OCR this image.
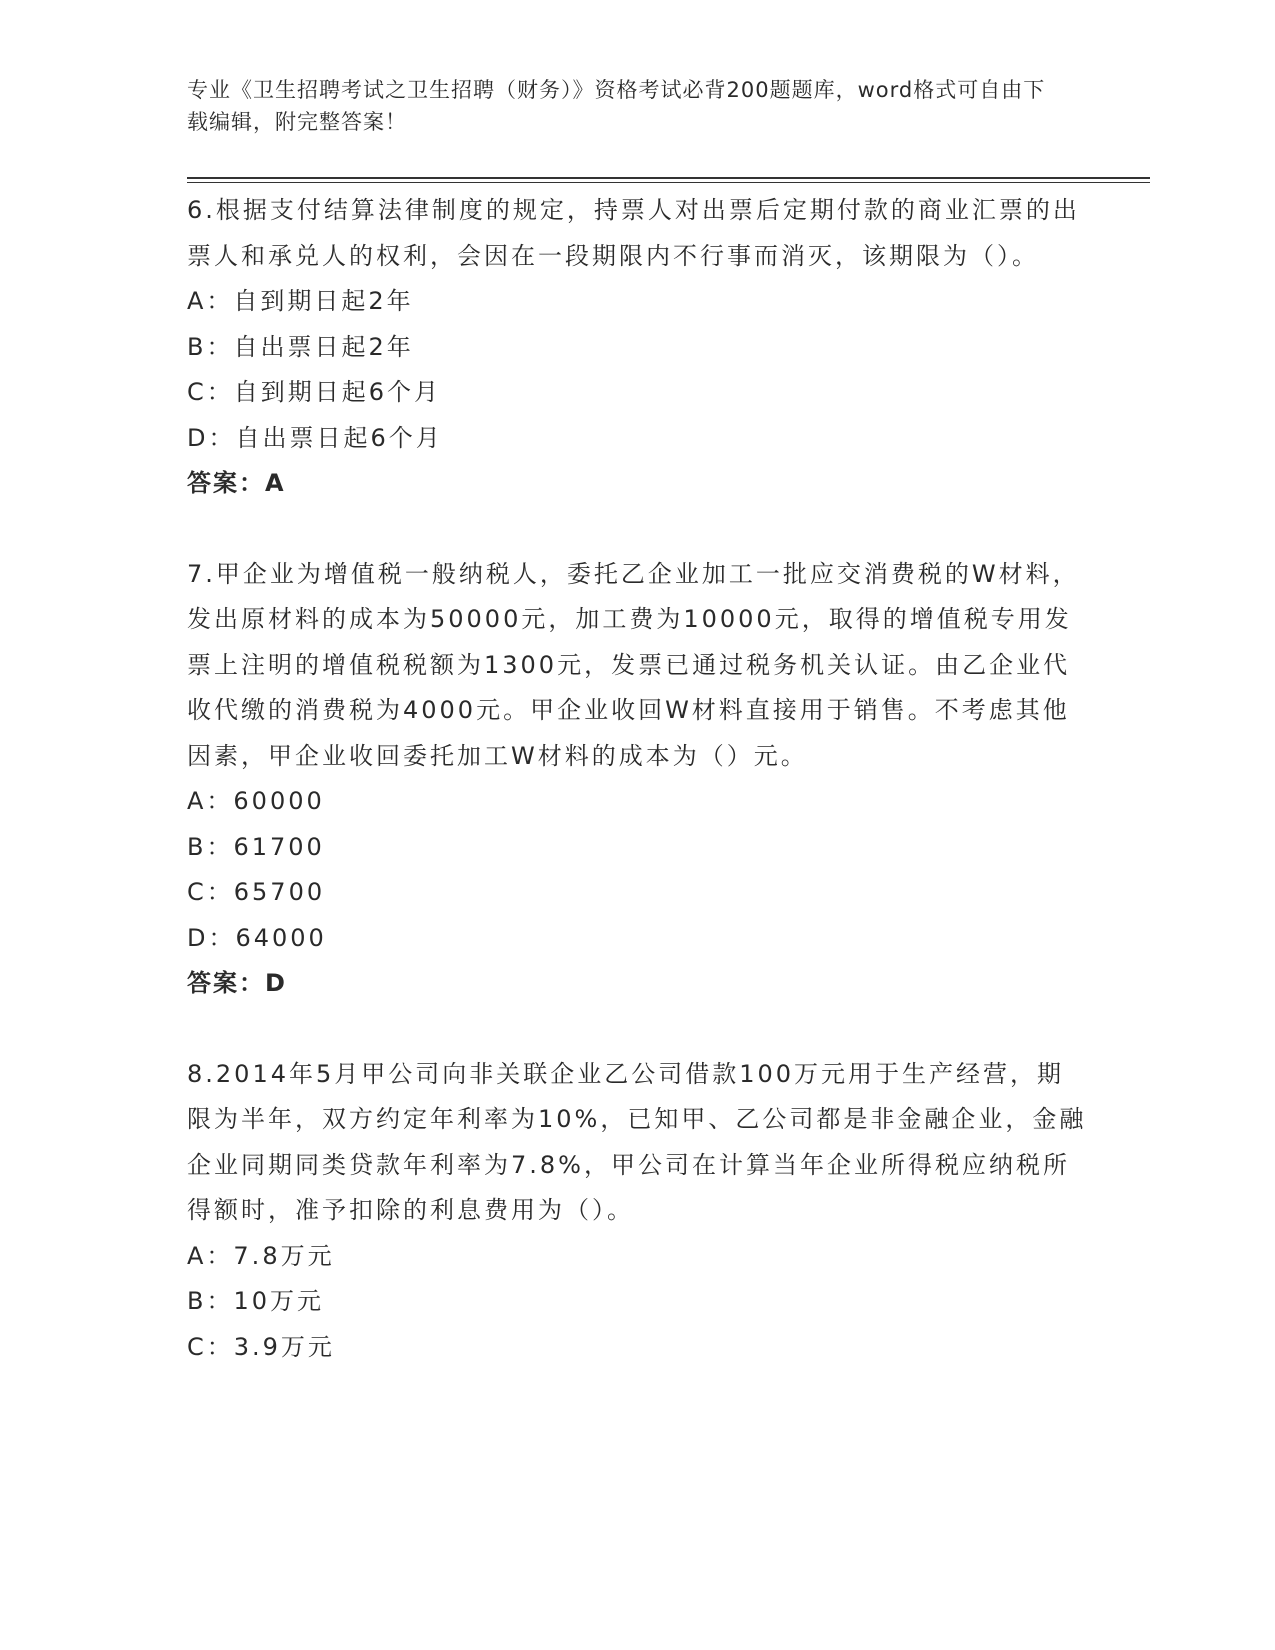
专业《卫生招聘考试之卫生招聘（财务）》资格考试必背200题题库，word格式可自由下载编辑，附完整答案！

6.根据支付结算法律制度的规定，持票人对出票后定期付款的商业汇票的出票人和承兑人的权利，会因在一段期限内不行事而消灭，该期限为（）。

A：自到期日起2年

B：自出票日起2年

C：自到期日起6个月

D：自出票日起6个月

答案：A

7.甲企业为增值税一般纳税人，委托乙企业加工一批应交消费税的W材料，发出原材料的成本为50000元，加工费为10000元，取得的增值税专用发票上注明的增值税税额为1300元，发票已通过税务机关认证。由乙企业代收代缴的消费税为4000元。甲企业收回W材料直接用于销售。不考虑其他因素，甲企业收回委托加工W材料的成本为（）元。

A：60000

B：61700

C：65700

D：64000

答案：D

8.2014年5月甲公司向非关联企业乙公司借款100万元用于生产经营，期限为半年，双方约定年利率为10%，已知甲、乙公司都是非金融企业，金融企业同期同类贷款年利率为7.8%，甲公司在计算当年企业所得税应纳税所得额时，准予扣除的利息费用为（）。

A：7.8万元

B：10万元

C：3.9万元
